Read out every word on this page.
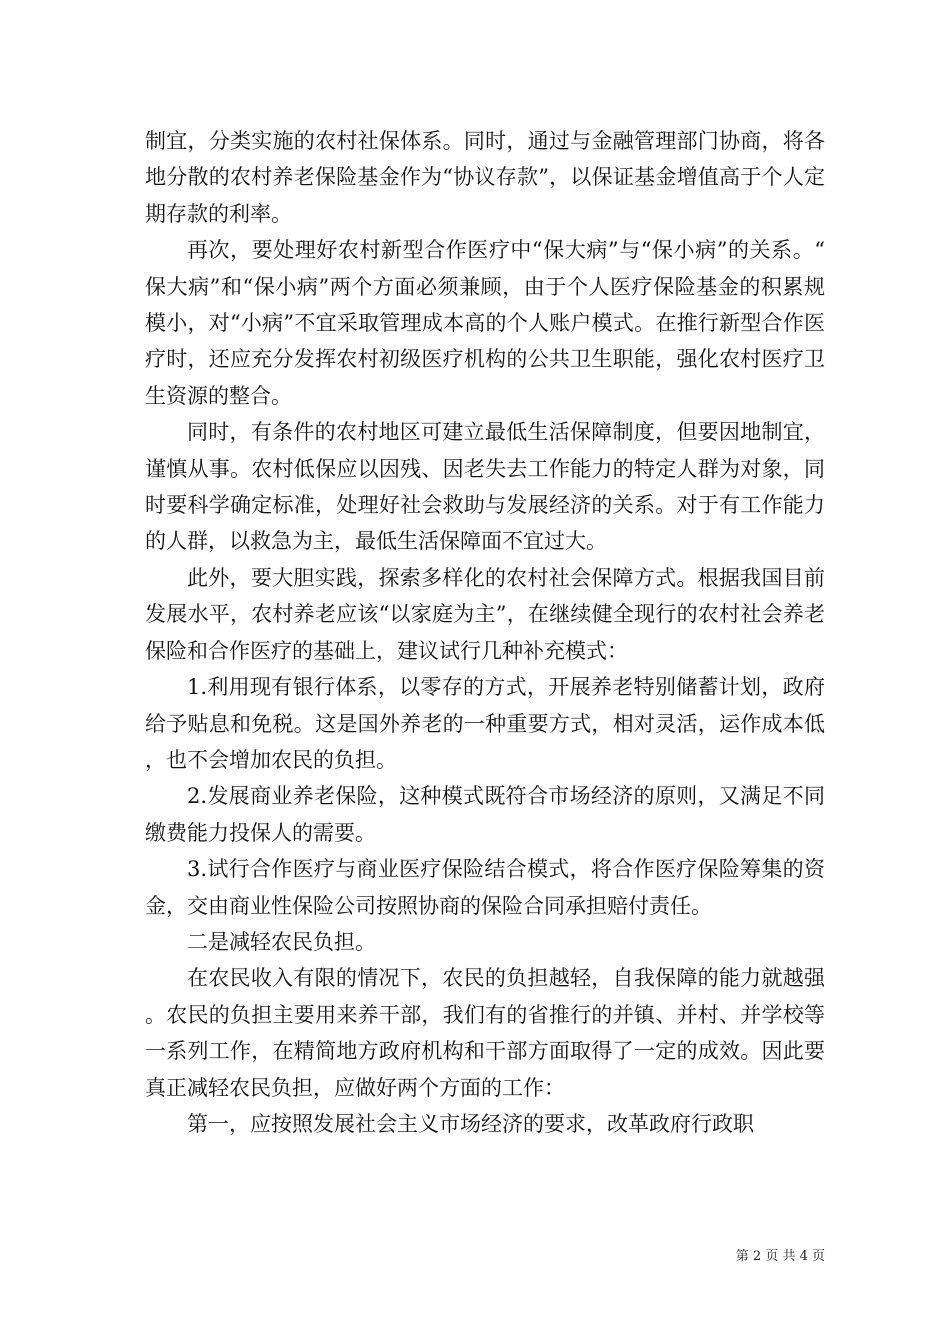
制宜，分类实施的农村社保体系。同时，通过与金融管理部门协商，将各地分散的农村养老保险基金作为“协议存款”，以保证基金增值高于个人定期存款的利率。

再次，要处理好农村新型合作医疗中“保大病”与“保小病”的关系。“保大病”和“保小病”两个方面必须兼顾，由于个人医疗保险基金的积累规模小，对“小病”不宜采取管理成本高的个人账户模式。在推行新型合作医疗时，还应充分发挥农村初级医疗机构的公共卫生职能，强化农村医疗卫生资源的整合。

同时，有条件的农村地区可建立最低生活保障制度，但要因地制宜，谨慎从事。农村低保应以因残、因老失去工作能力的特定人群为对象，同时要科学确定标准，处理好社会救助与发展经济的关系。对于有工作能力的人群，以救急为主，最低生活保障面不宜过大。

此外，要大胆实践，探索多样化的农村社会保障方式。根据我国目前发展水平，农村养老应该“以家庭为主”，在继续健全现行的农村社会养老保险和合作医疗的基础上，建议试行几种补充模式：

1.利用现有银行体系，以零存的方式，开展养老特别储蓄计划，政府给予贴息和免税。这是国外养老的一种重要方式，相对灵活，运作成本低，也不会增加农民的负担。

2.发展商业养老保险，这种模式既符合市场经济的原则，又满足不同缴费能力投保人的需要。

3.试行合作医疗与商业医疗保险结合模式，将合作医疗保险筹集的资金，交由商业性保险公司按照协商的保险合同承担赔付责任。

二是减轻农民负担。

在农民收入有限的情况下，农民的负担越轻，自我保障的能力就越强。农民的负担主要用来养干部，我们有的省推行的并镇、并村、并学校等一系列工作，在精简地方政府机构和干部方面取得了一定的成效。因此要真正减轻农民负担，应做好两个方面的工作：

第一，应按照发展社会主义市场经济的要求，改革政府行政职

第 2 页 共 4 页
